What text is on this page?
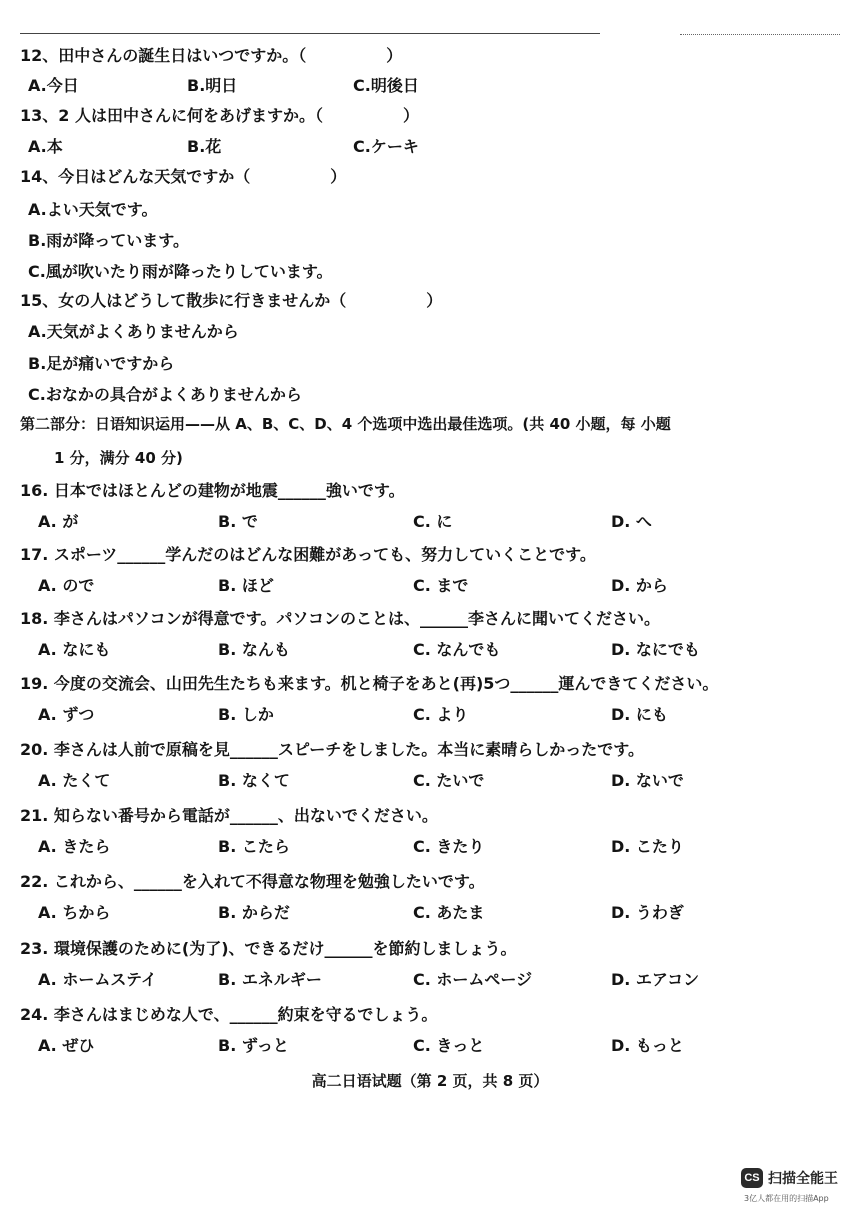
12、田中さんの誕生日はいつですか。（　　　　　）
A.今日	B.明日	C.明後日
13、2 人は田中さんに何をあげますか。（　　　　　）
A.本	B.花	C.ケーキ
14、今日はどんな天気ですか（　　　　　）
A.よい天気です。
B.雨が降っています。
C.風が吹いたり雨が降ったりしています。
15、女の人はどうして散歩に行きませんか（　　　　　）
A.天気がよくありませんから
B.足が痛いですから
C.おなかの具合がよくありませんから
第二部分：日语知识运用——从 A、B、C、D、4 个选项中选出最佳选项。(共 40 小题，每 小题
1 分，满分 40 分)
16. 日本ではほとんどの建物が地震______強いです。
A. が	B. で	C. に	D. へ
17. スポーツ______学んだのはどんな困難があっても、努力していくことです。
A. ので	B. ほど	C. まで	D. から
18. 李さんはパソコンが得意です。パソコンのことは、______李さんに聞いてください。
A. なにも	B. なんも	C. なんでも	D. なにでも
19. 今度の交流会、山田先生たちも来ます。机と椅子をあと(再)5つ______運んできてください。
A. ずつ	B. しか	C. より	D. にも
20. 李さんは人前で原稿を見______スピーチをしました。本当に素晴らしかったです。
A. たくて	B. なくて	C. たいで	D. ないで
21. 知らない番号から電話が______、出ないでください。
A. きたら	B. こたら	C. きたり	D. こたり
22. これから、______を入れて不得意な物理を勉強したいです。
A. ちから	B. からだ	C. あたま	D. うわぎ
23. 環境保護のために(为了)、できるだけ______を節約しましょう。
A. ホームステイ	B. エネルギー	C. ホームページ	D. エアコン
24. 李さんはまじめな人で、______約束を守るでしょう。
A. ぜひ	B. ずっと	C. きっと	D. もっと
高二日语试题（第 2 页，共 8 页）
CS 扫描全能王
3亿人都在用的扫描App
